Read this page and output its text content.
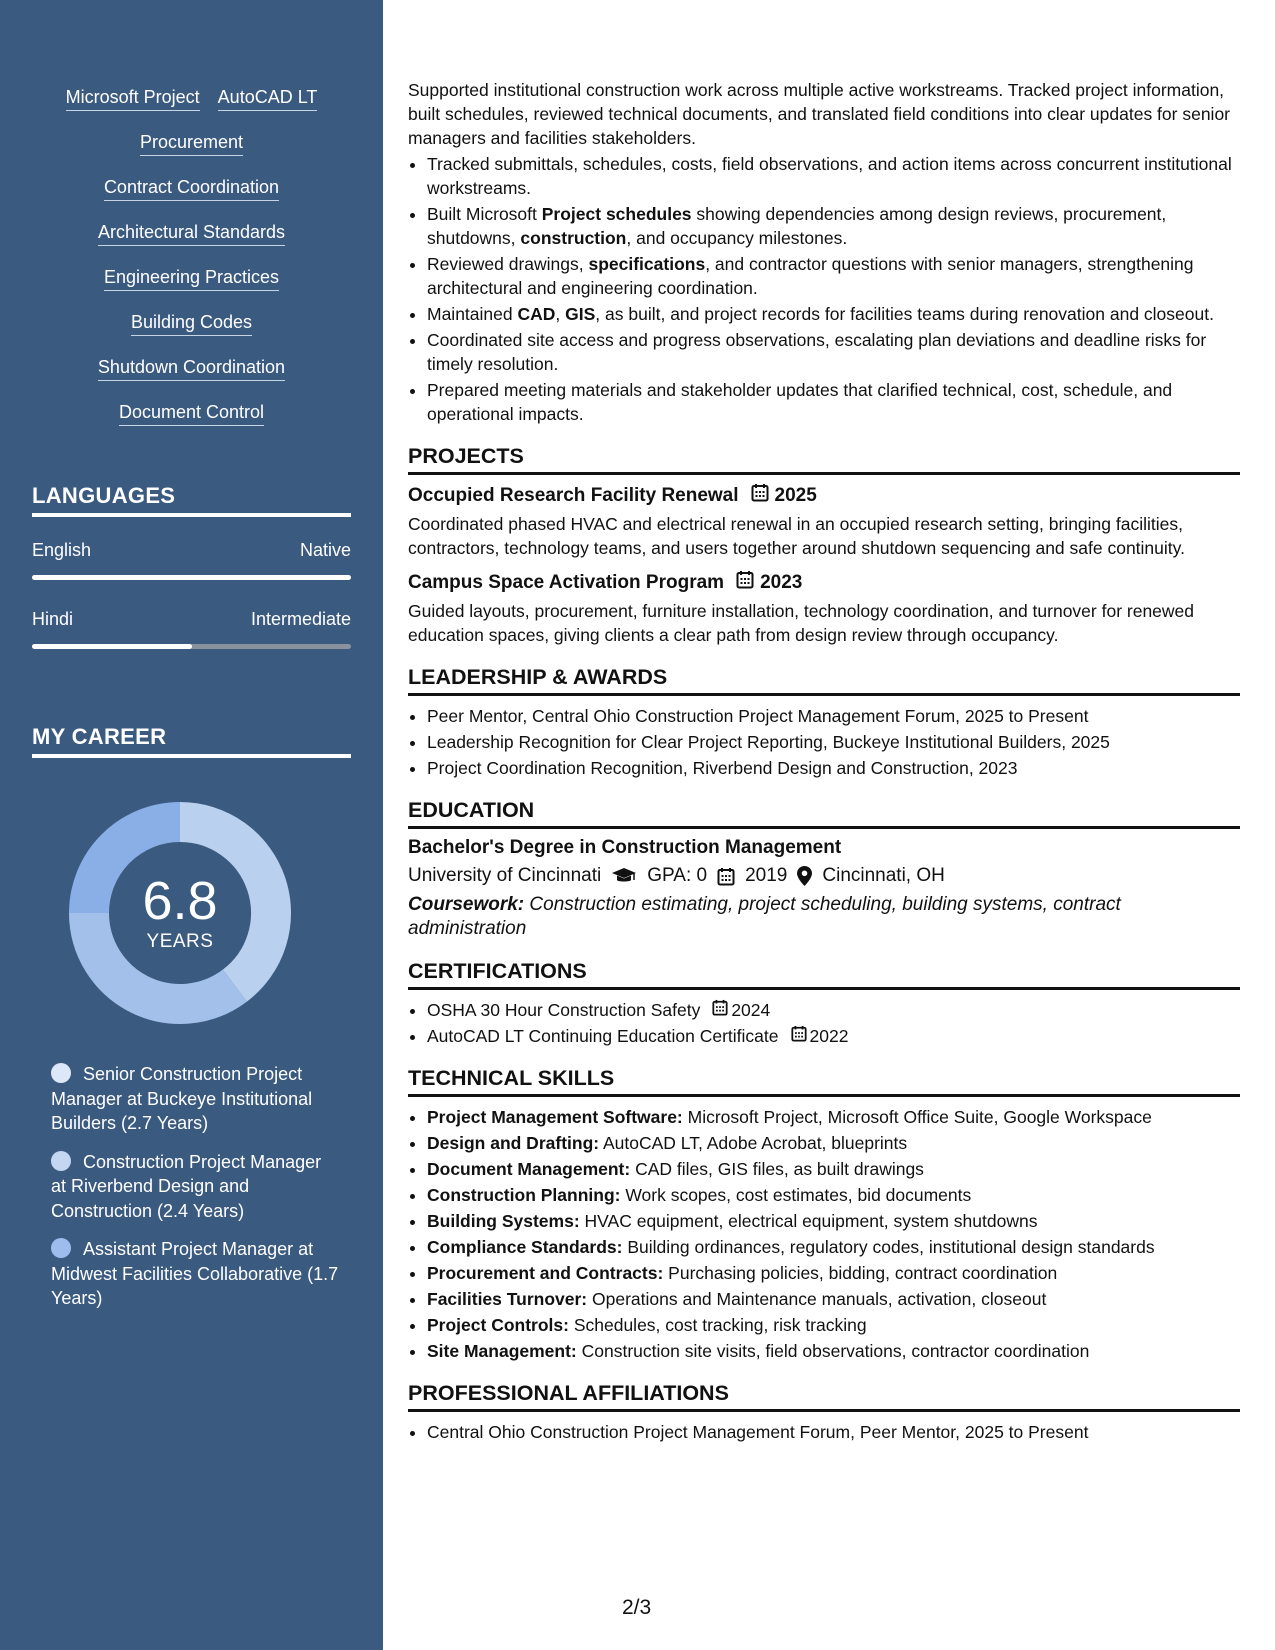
Microsoft Project AutoCAD LT
Procurement
Contract Coordination
Architectural Standards
Engineering Practices
Building Codes
Shutdown Coordination
Document Control
LANGUAGES
English	Native
Hindi	Intermediate
MY CAREER
6.8
YEARS
Senior Construction Project Manager at Buckeye Institutional Builders (2.7 Years)
Construction Project Manager at Riverbend Design and Construction (2.4 Years)
Assistant Project Manager at Midwest Facilities Collaborative (1.7 Years)

Supported institutional construction work across multiple active workstreams. Tracked project information, built schedules, reviewed technical documents, and translated field conditions into clear updates for senior managers and facilities stakeholders.

• Tracked submittals, schedules, costs, field observations, and action items across concurrent institutional workstreams.
• Built Microsoft Project schedules showing dependencies among design reviews, procurement, shutdowns, construction, and occupancy milestones.
• Reviewed drawings, specifications, and contractor questions with senior managers, strengthening architectural and engineering coordination.
• Maintained CAD, GIS, as built, and project records for facilities teams during renovation and closeout.
• Coordinated site access and progress observations, escalating plan deviations and deadline risks for timely resolution.
• Prepared meeting materials and stakeholder updates that clarified technical, cost, schedule, and operational impacts.
PROJECTS
Occupied Research Facility Renewal 2025

Coordinated phased HVAC and electrical renewal in an occupied research setting, bringing facilities, contractors, technology teams, and users together around shutdown sequencing and safe continuity.

Campus Space Activation Program 2023

Guided layouts, procurement, furniture installation, technology coordination, and turnover for renewed education spaces, giving clients a clear path from design review through occupancy.

LEADERSHIP & AWARDS
• Peer Mentor, Central Ohio Construction Project Management Forum, 2025 to Present
• Leadership Recognition for Clear Project Reporting, Buckeye Institutional Builders, 2025
• Project Coordination Recognition, Riverbend Design and Construction, 2023
EDUCATION
Bachelor's Degree in Construction Management
University of Cincinnati GPA: 0 2019 Cincinnati, OH
Coursework: Construction estimating, project scheduling, building systems, contract administration
CERTIFICATIONS
• OSHA 30 Hour Construction Safety 2024
• AutoCAD LT Continuing Education Certificate 2022
TECHNICAL SKILLS
• Project Management Software: Microsoft Project, Microsoft Office Suite, Google Workspace
• Design and Drafting: AutoCAD LT, Adobe Acrobat, blueprints
• Document Management: CAD files, GIS files, as built drawings
• Construction Planning: Work scopes, cost estimates, bid documents
• Building Systems: HVAC equipment, electrical equipment, system shutdowns
• Compliance Standards: Building ordinances, regulatory codes, institutional design standards
• Procurement and Contracts: Purchasing policies, bidding, contract coordination
• Facilities Turnover: Operations and Maintenance manuals, activation, closeout
• Project Controls: Schedules, cost tracking, risk tracking
• Site Management: Construction site visits, field observations, contractor coordination
PROFESSIONAL AFFILIATIONS
• Central Ohio Construction Project Management Forum, Peer Mentor, 2025 to Present
2/3
